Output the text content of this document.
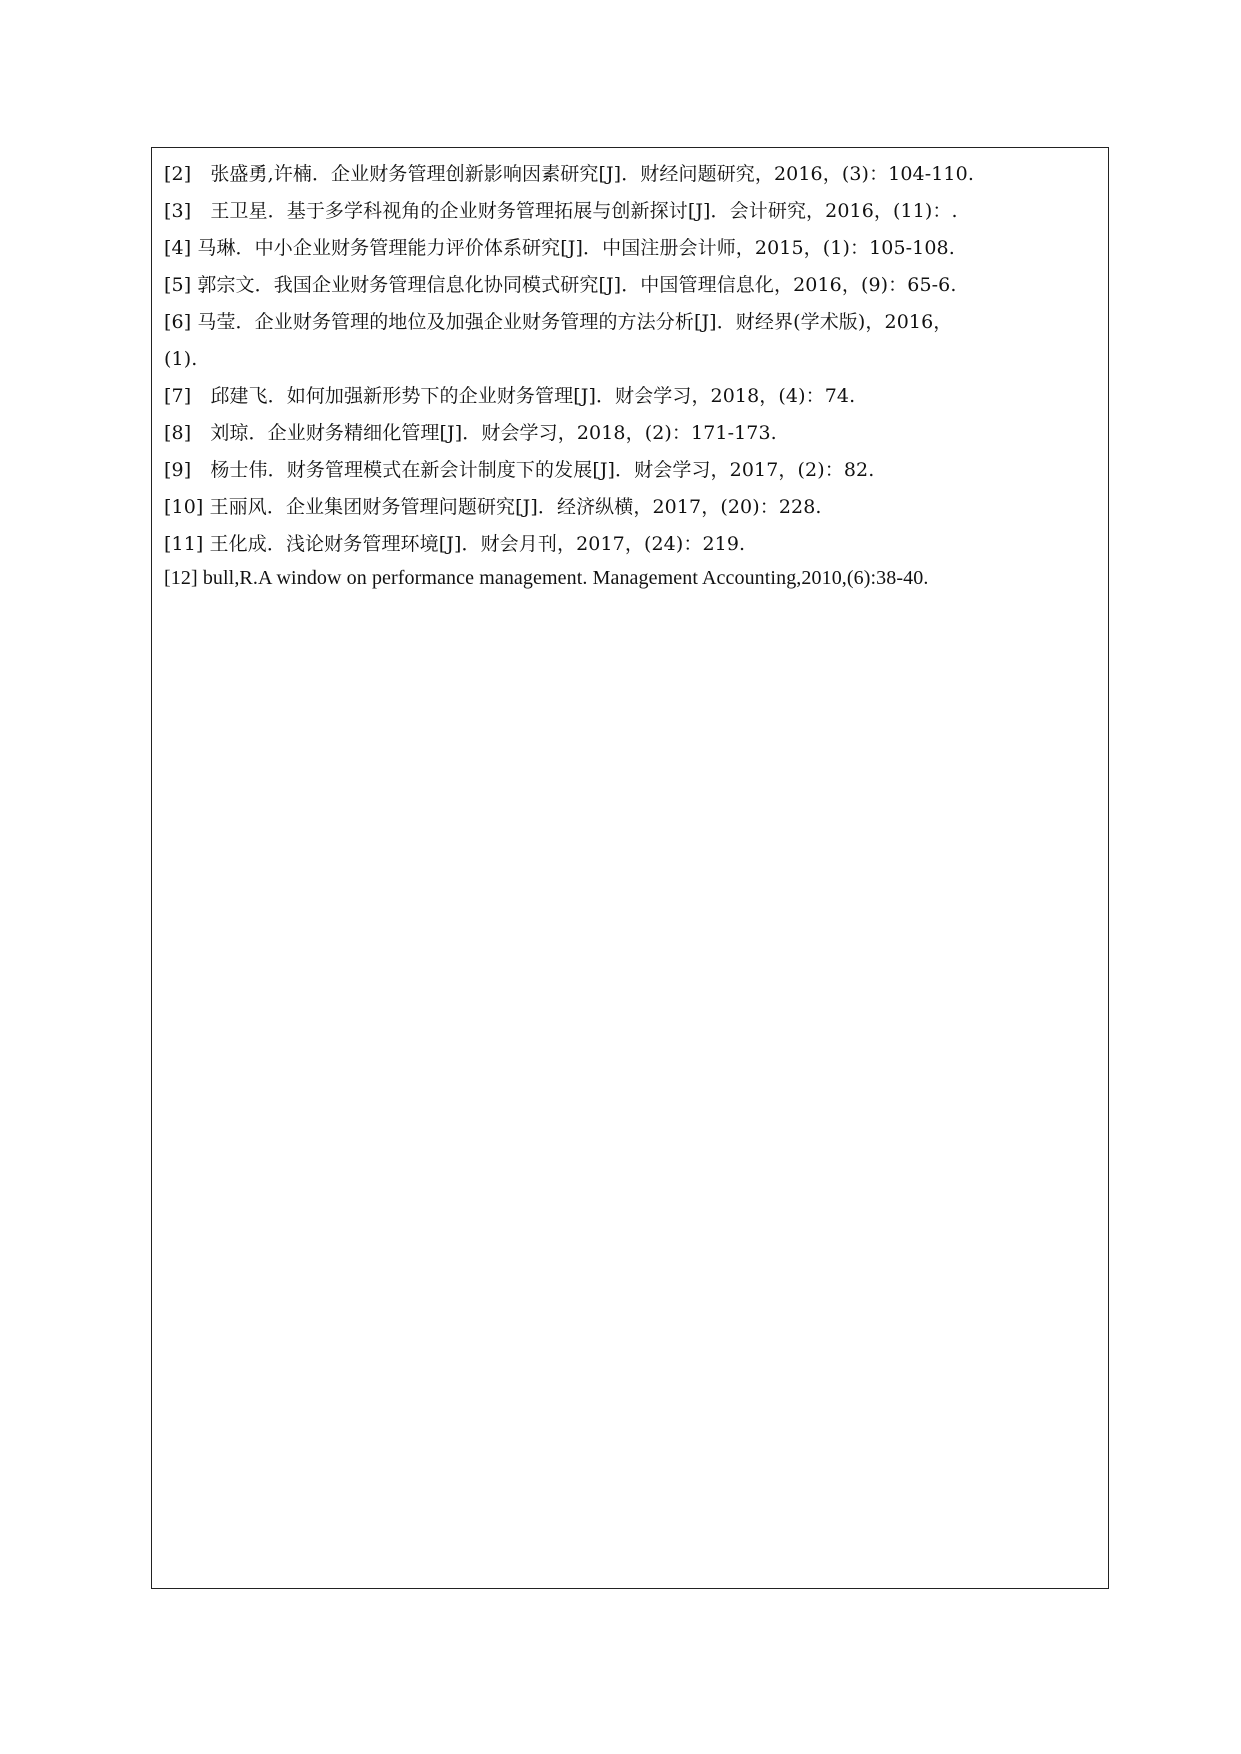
[2]　张盛勇,许楠．企业财务管理创新影响因素研究[J]．财经问题研究，2016，(3)：104-110.
[3]　王卫星．基于多学科视角的企业财务管理拓展与创新探讨[J]．会计研究，2016，(11)：.
[4] 马琳．中小企业财务管理能力评价体系研究[J]．中国注册会计师，2015，(1)：105-108.
[5] 郭宗文．我国企业财务管理信息化协同模式研究[J]．中国管理信息化，2016，(9)：65-6.
[6] 马莹．企业财务管理的地位及加强企业财务管理的方法分析[J]．财经界(学术版)，2016，
(1).
[7]　邱建飞．如何加强新形势下的企业财务管理[J]．财会学习，2018，(4)：74.
[8]　刘琼．企业财务精细化管理[J]．财会学习，2018，(2)：171-173.
[9]　杨士伟．财务管理模式在新会计制度下的发展[J]．财会学习，2017，(2)：82.
[10] 王丽风．企业集团财务管理问题研究[J]．经济纵横，2017，(20)：228.
[11] 王化成．浅论财务管理环境[J]．财会月刊，2017，(24)：219.
[12] bull,R.A window on performance management. Management Accounting,2010,(6):38-40.
